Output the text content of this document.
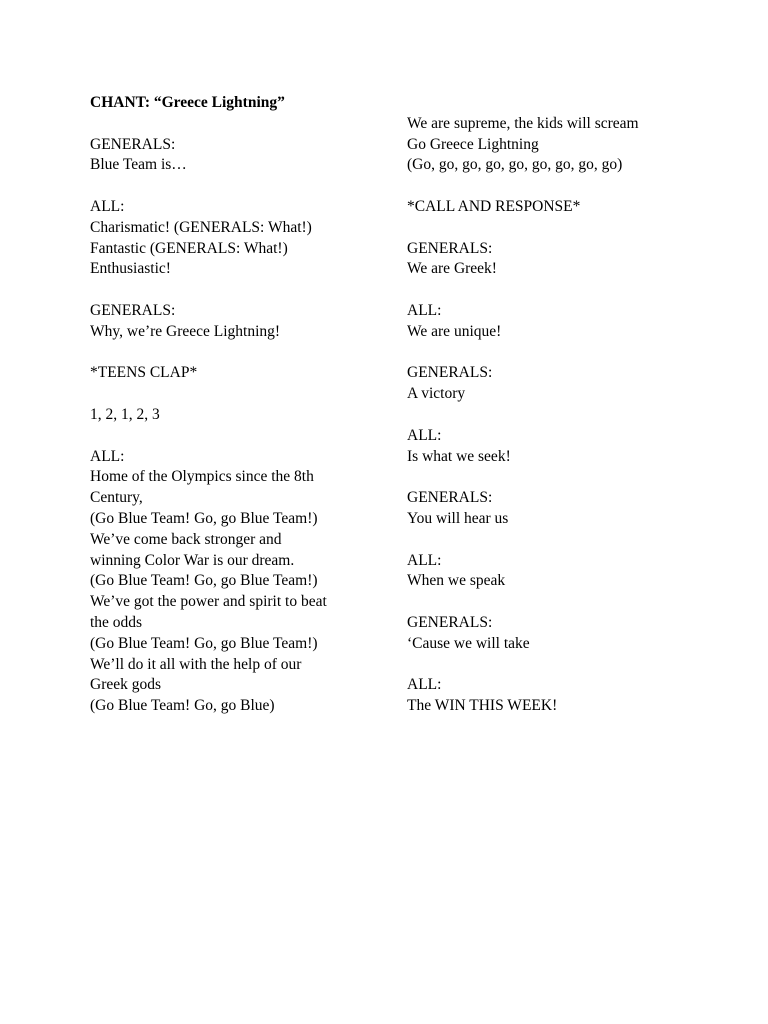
CHANT: “Greece Lightning”
GENERALS:
Blue Team is…
ALL:
Charismatic! (GENERALS: What!)
Fantastic (GENERALS: What!)
Enthusiastic!
GENERALS:
Why, we’re Greece Lightning!
*TEENS CLAP*
1, 2, 1, 2, 3
ALL:
Home of the Olympics since the 8th
Century,
(Go Blue Team! Go, go Blue Team!)
We’ve come back stronger and
winning Color War is our dream.
(Go Blue Team! Go, go Blue Team!)
We’ve got the power and spirit to beat
the odds
(Go Blue Team! Go, go Blue Team!)
We’ll do it all with the help of our
Greek gods
(Go Blue Team! Go, go Blue)
We are supreme, the kids will scream
Go Greece Lightning
(Go, go, go, go, go, go, go, go, go)
*CALL AND RESPONSE*
GENERALS:
We are Greek!
ALL:
We are unique!
GENERALS:
A victory
ALL:
Is what we seek!
GENERALS:
You will hear us
ALL:
When we speak
GENERALS:
‘Cause we will take
ALL:
The WIN THIS WEEK!
